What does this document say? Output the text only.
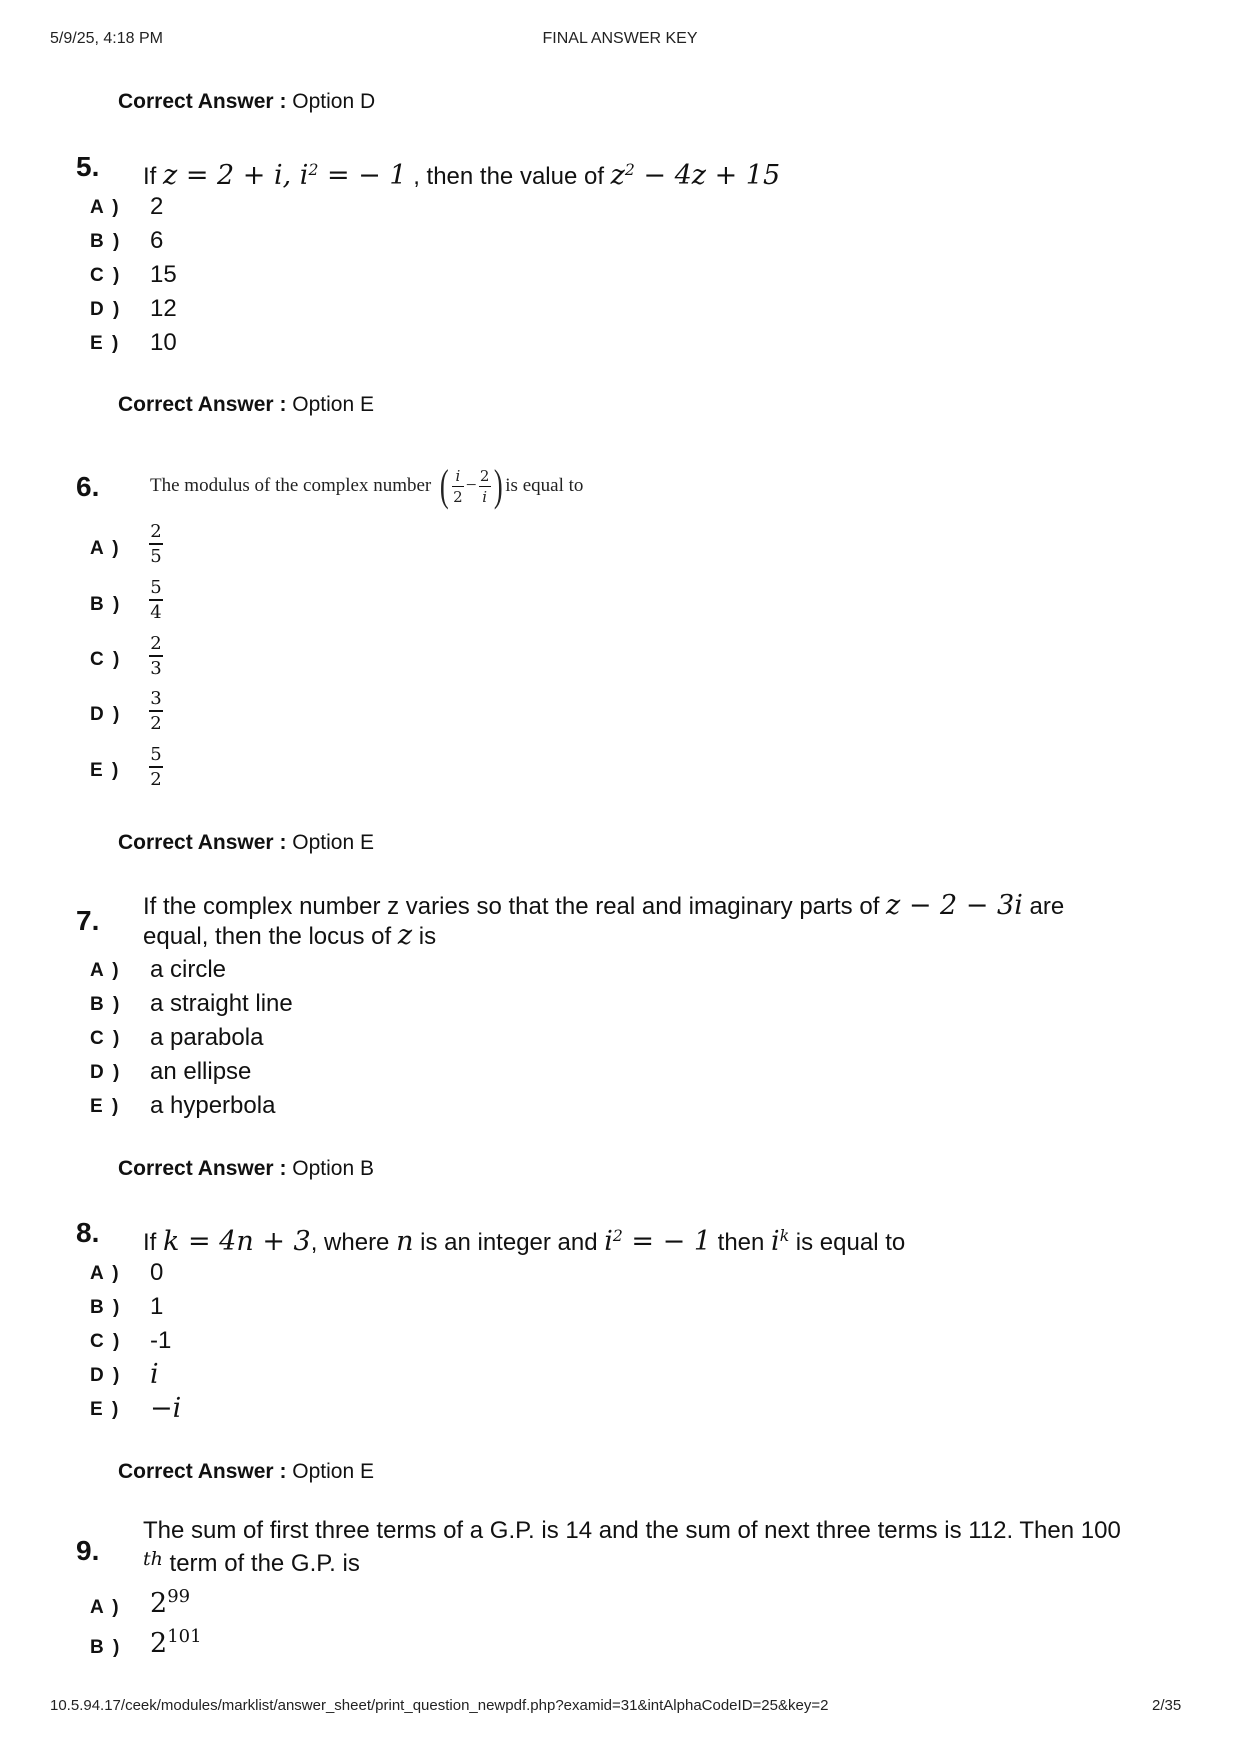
5/9/25, 4:18 PM	FINAL ANSWER KEY
Correct Answer : Option D
5. If z = 2 + i, $i^2$ = − 1 , then the value of $z^2 - 4z + 15$
A ) 2
B ) 6
C ) 15
D ) 12
E ) 10
Correct Answer : Option E
6.	The modulus of the complex number ( $\frac{i}{2} - \frac{2}{i}$ ) is equal to
A )
2
5
B )
5
4
C )
2
3
D )
3
2
E )
5
2
Correct Answer : Option E
7. If the complex number z varies so that the real and imaginary parts of z − 2 − 3i are
equal, then the locus of z is
A ) a circle
B ) a straight line
C ) a parabola
D ) an ellipse
E ) a hyperbola
Correct Answer : Option B
8. If k = 4n + 3, where n is an integer and $i^2$ = − 1 then $i^k$ is equal to
A ) 0
B ) 1
C ) -1
D ) i
E ) −i
Correct Answer : Option E
9.
The sum of first three terms of a G.P. is 14 and the sum of next three terms is 112. Then 100
$^{th}$ term of the G.P. is
A ) $2^{99}$
B ) $2^{101}$
10.5.94.17/ceek/modules/marklist/answer_sheet/print_question_newpdf.php?examid=31&intAlphaCodeID=25&key=2	2/35
